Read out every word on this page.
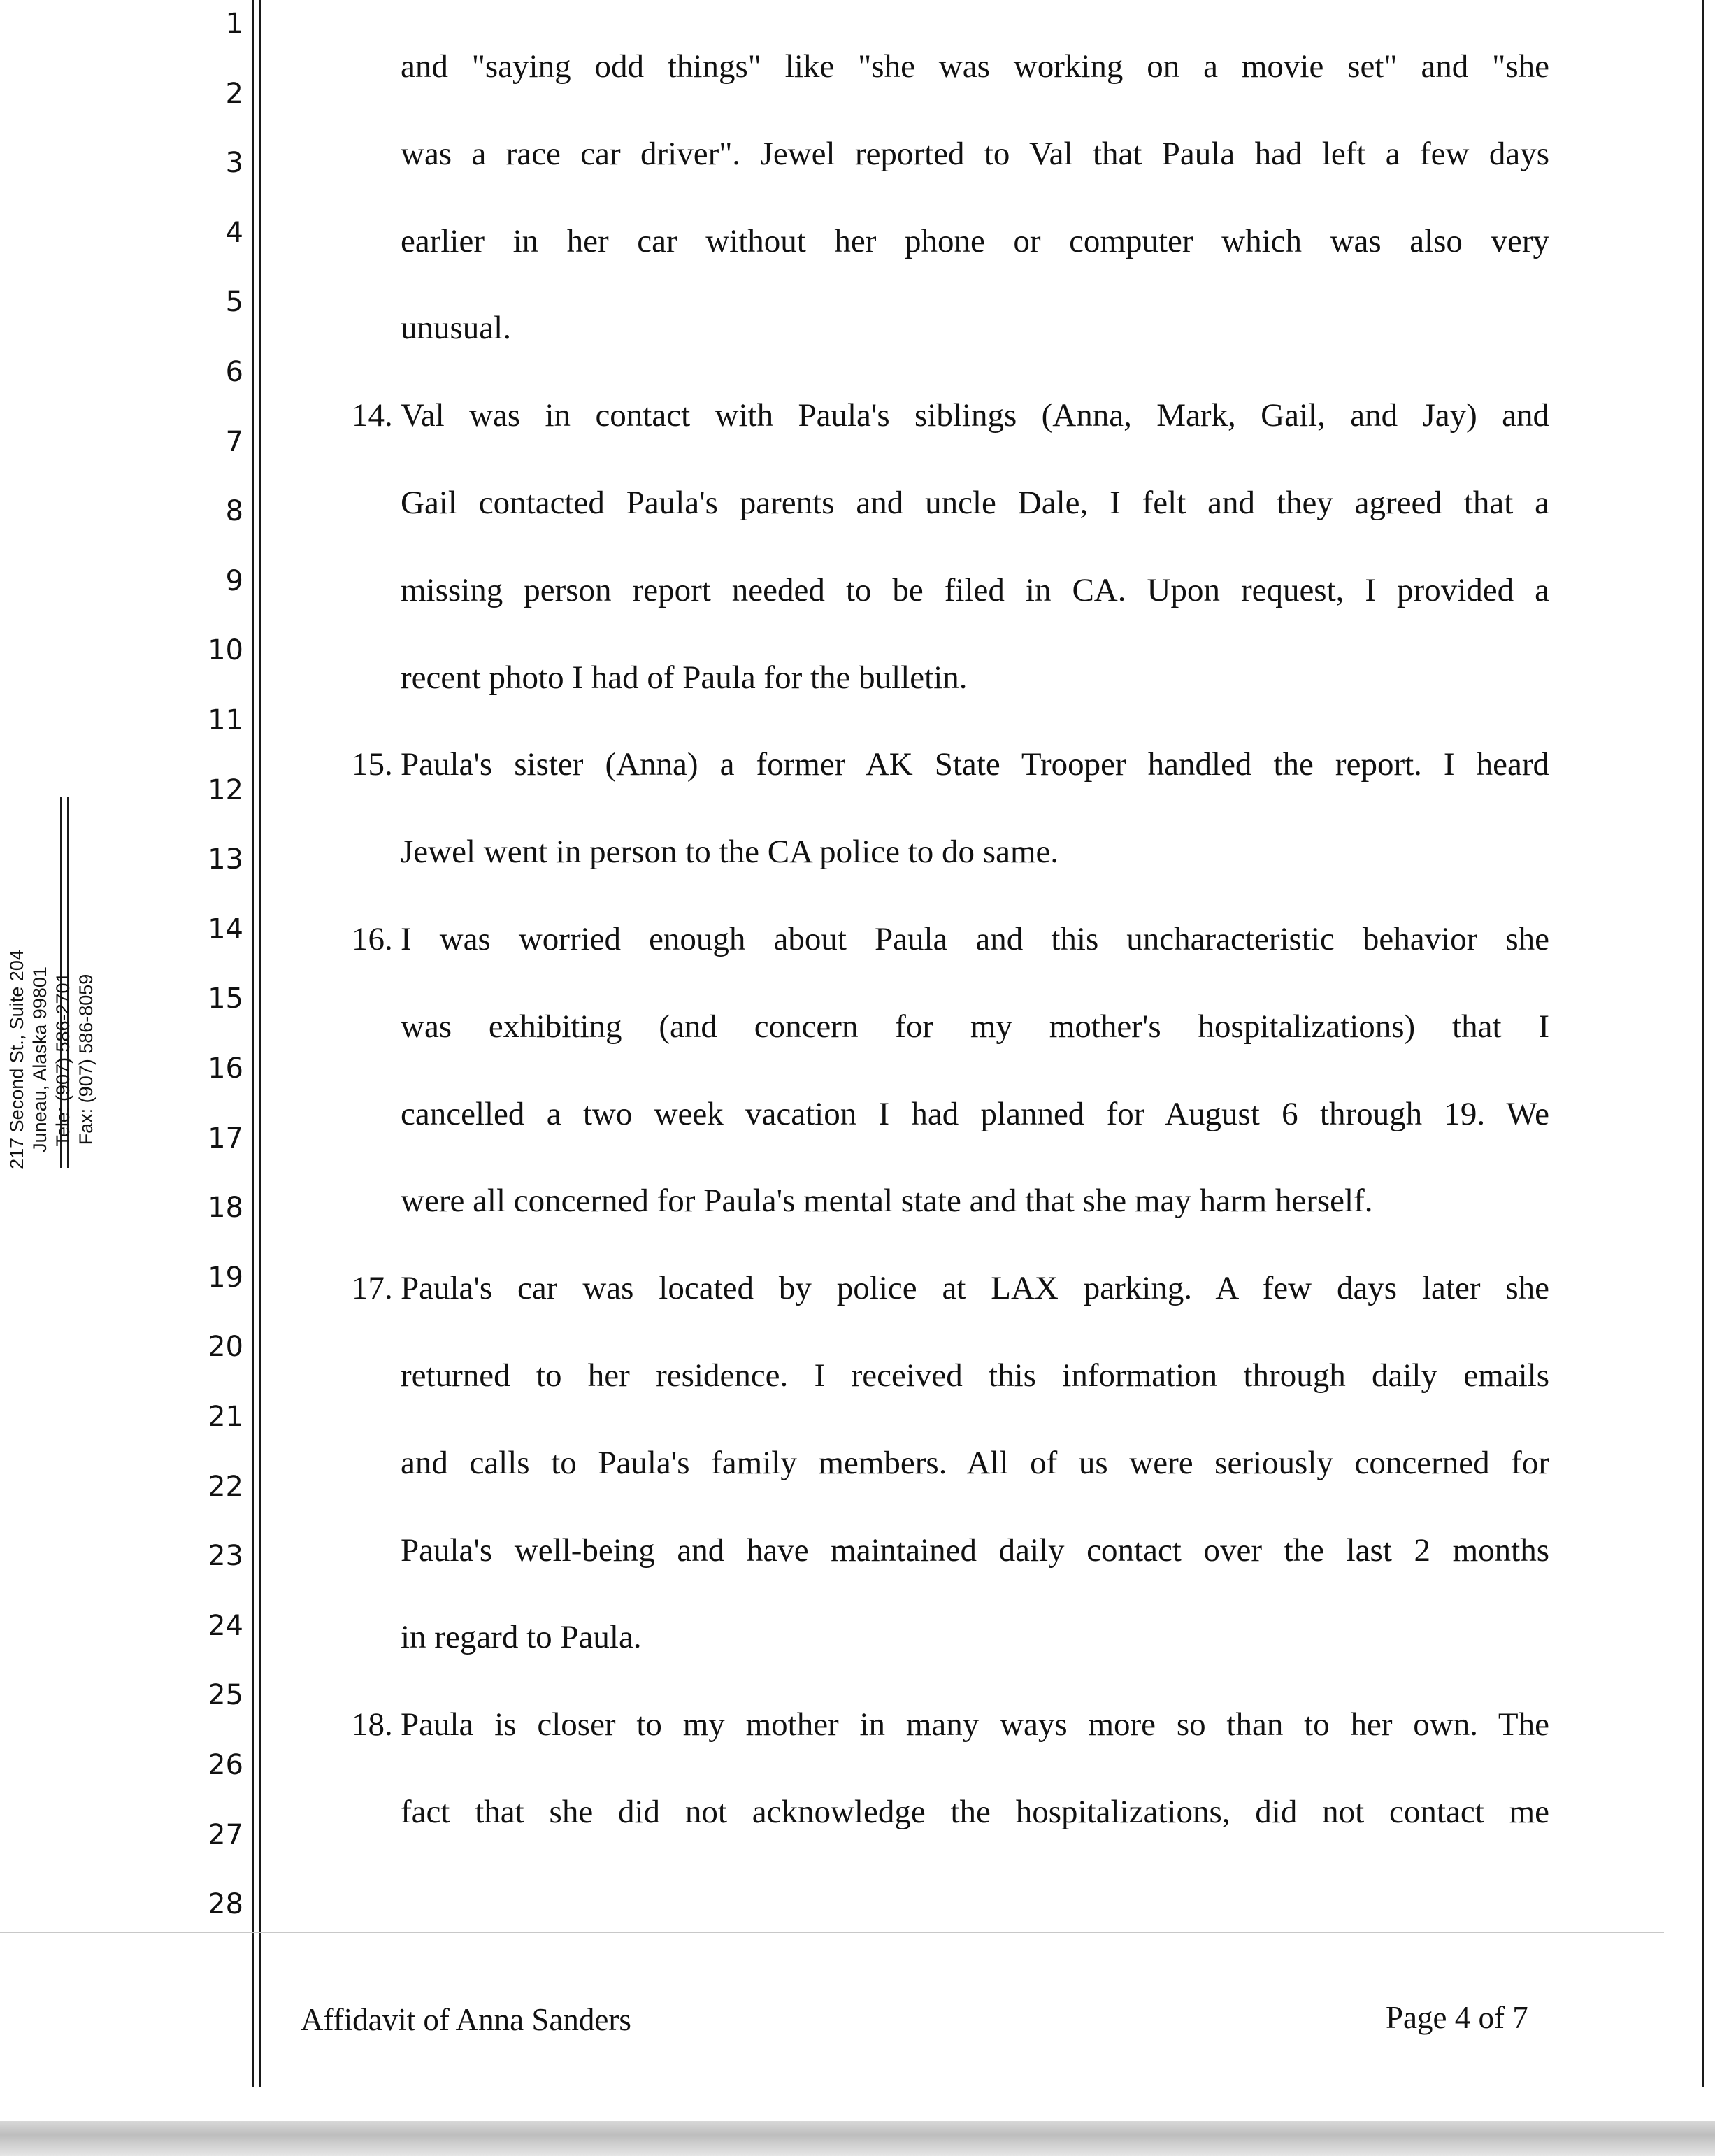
217 Second St., Suite 204 Juneau, Alaska 99801 Tele: (907) 586-2701 Fax: (907) 586-8059
1
2
3
4
5
6
7
8
9
10
11
12
13
14
15
16
17
18
19
20
21
22
23
24
25
26
27
28
and "saying odd things" like "she was working on a movie set" and "she
was a race car driver". Jewel reported to Val that Paula had left a few days
earlier in her car without her phone or computer which was also very
unusual.
14. Val was in contact with Paula's siblings (Anna, Mark, Gail, and Jay) and
Gail contacted Paula's parents and uncle Dale, I felt and they agreed that a
missing person report needed to be filed in CA. Upon request, I provided a
recent photo I had of Paula for the bulletin.
15. Paula's sister (Anna) a former AK State Trooper handled the report. I heard
Jewel went in person to the CA police to do same.
16. I was worried enough about Paula and this uncharacteristic behavior she
was exhibiting (and concern for my mother's hospitalizations) that I
cancelled a two week vacation I had planned for August 6 through 19. We
were all concerned for Paula's mental state and that she may harm herself.
17. Paula's car was located by police at LAX parking. A few days later she
returned to her residence. I received this information through daily emails
and calls to Paula's family members. All of us were seriously concerned for
Paula's well-being and have maintained daily contact over the last 2 months
in regard to Paula.
18. Paula is closer to my mother in many ways more so than to her own. The
fact that she did not acknowledge the hospitalizations, did not contact me
Affidavit of Anna Sanders	Page 4 of 7
